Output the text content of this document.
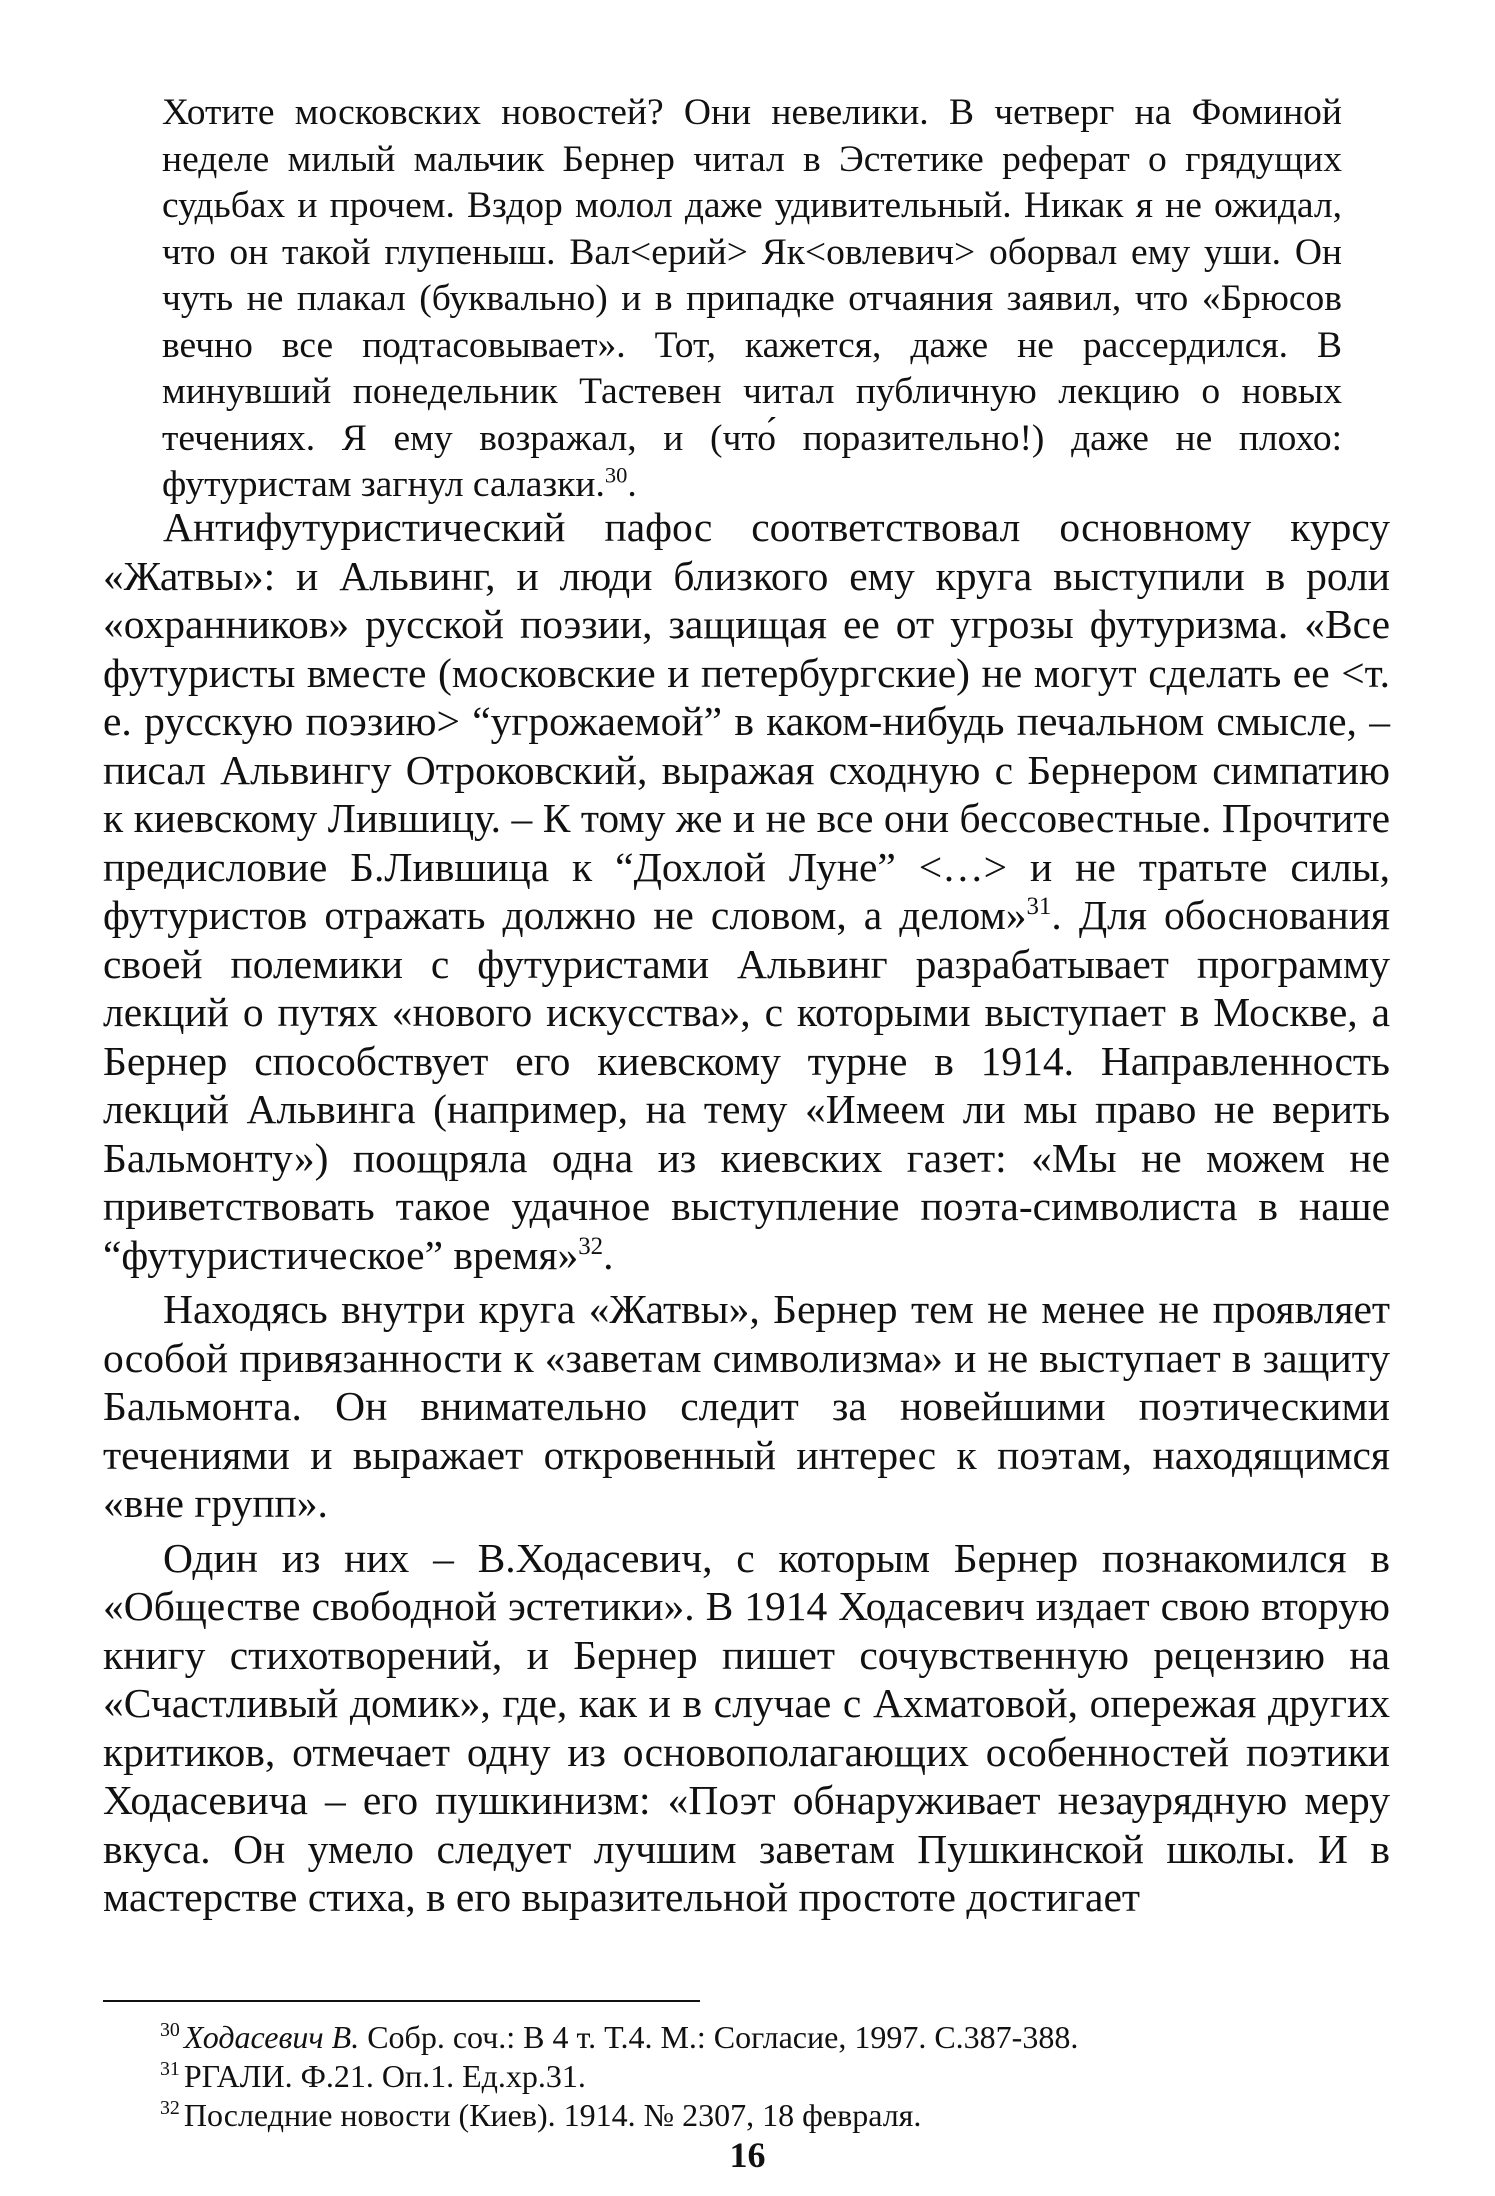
Хотите московских новостей? Они невелики. В четверг на Фоминой неделе милый мальчик Бернер читал в Эстетике реферат о грядущих судьбах и прочем. Вздор молол даже удивительный. Никак я не ожидал, что он такой глупеныш. Вал<ерий> Як<овлевич> оборвал ему уши. Он чуть не плакал (буквально) и в припадке отчаяния заявил, что «Брюсов вечно все подтасовывает». Тот, кажется, даже не рассердился. В минувший понедельник Тастевен читал публичную лекцию о новых течениях. Я ему возражал, и (что́ поразительно!) даже не плохо: футуристам загнул салазки.$^{30}$.

Антифутуристический пафос соответствовал основному курсу «Жатвы»: и Альвинг, и люди близкого ему круга выступили в роли «охранников» русской поэзии, защищая ее от угрозы футуризма. «Все футуристы вместе (московские и петербургские) не могут сделать ее <т. е. русскую поэзию> “угрожаемой” в каком-нибудь печальном смысле, – писал Альвингу Отроковский, выражая сходную с Бернером симпатию к киевскому Лившицу. – К тому же и не все они бессовестные. Прочтите предисловие Б.Лившица к “Дохлой Луне” <…> и не тратьте силы, футуристов отражать должно не словом, а делом»$^{31}$. Для обоснования своей полемики с футуристами Альвинг разрабатывает программу лекций о путях «нового искусства», с которыми выступает в Москве, а Бернер способствует его киевскому турне в 1914. Направленность лекций Альвинга (например, на тему «Имеем ли мы право не верить Бальмонту») поощряла одна из киевских газет: «Мы не можем не приветствовать такое удачное выступление поэта-символиста в наше “футуристическое” время»$^{32}$.

Находясь внутри круга «Жатвы», Бернер тем не менее не проявляет особой привязанности к «заветам символизма» и не выступает в защиту Бальмонта. Он внимательно следит за новейшими поэтическими течениями и выражает откровенный интерес к поэтам, находящимся «вне групп».

Один из них – В.Ходасевич, с которым Бернер познакомился в «Обществе свободной эстетики». В 1914 Ходасевич издает свою вторую книгу стихотворений, и Бернер пишет сочувственную рецензию на «Счастливый домик», где, как и в случае с Ахматовой, опережая других критиков, отмечает одну из основополагающих особенностей поэтики Ходасевича – его пушкинизм: «Поэт обнаруживает незаурядную меру вкуса. Он умело следует лучшим заветам Пушкинской школы. И в мастерстве стиха, в его выразительной простоте достигает

$^{30}$ Ходасевич В. Собр. соч.: В 4 т. Т.4. М.: Согласие, 1997. С.387-388.

$^{31}$ РГАЛИ. Ф.21. Оп.1. Ед.хр.31.

$^{32}$ Последние новости (Киев). 1914. № 2307, 18 февраля.

16
